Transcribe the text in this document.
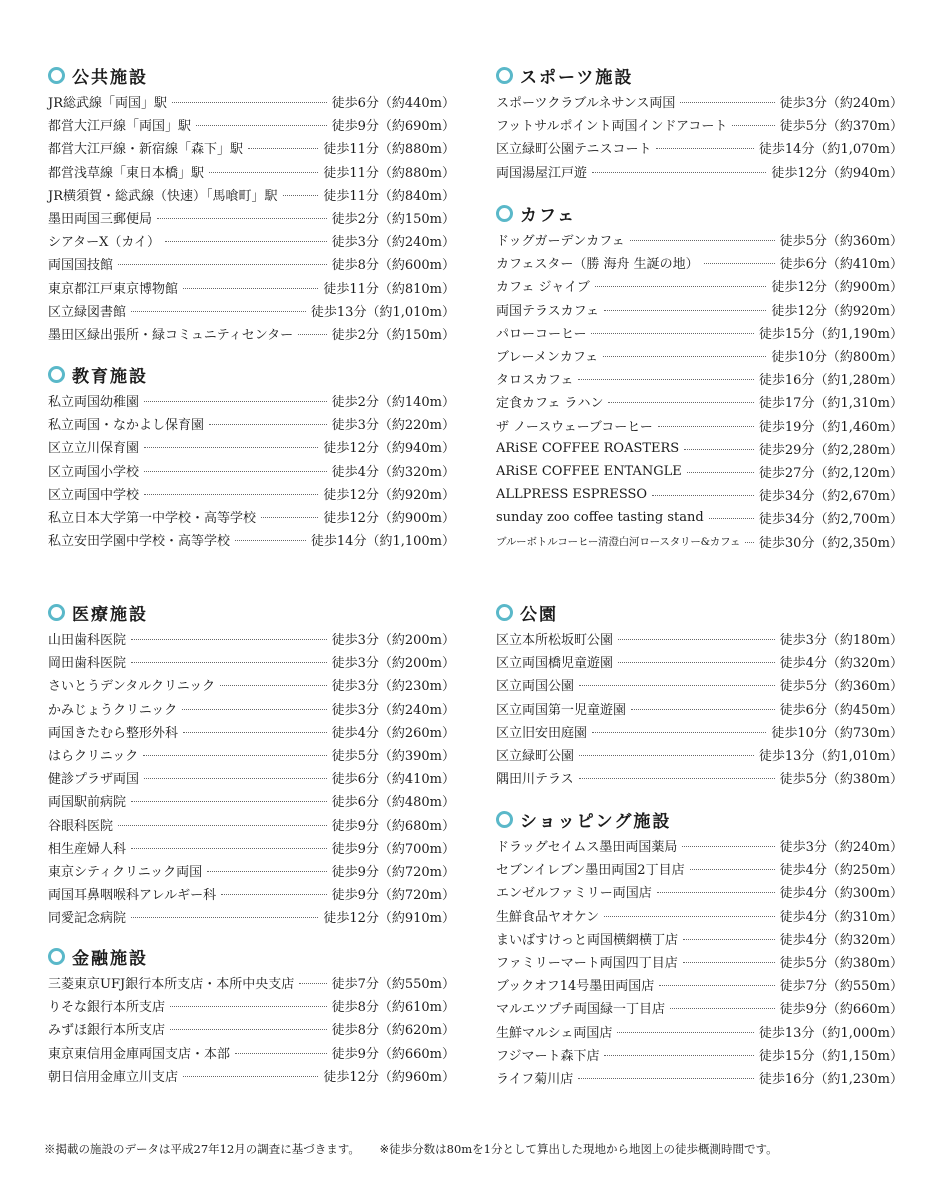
公共施設
JR総武線「両国」駅	徒歩6分（約440m）
都営大江戸線「両国」駅	徒歩9分（約690m）
都営大江戸線・新宿線「森下」駅	徒歩11分（約880m）
都営浅草線「東日本橋」駅	徒歩11分（約880m）
JR横須賀・総武線（快速）「馬喰町」駅	徒歩11分（約840m）
墨田両国三郵便局	徒歩2分（約150m）
シアターX（カイ）	徒歩3分（約240m）
両国国技館	徒歩8分（約600m）
東京都江戸東京博物館	徒歩11分（約810m）
区立緑図書館	徒歩13分（約1,010m）
墨田区緑出張所・緑コミュニティセンター	徒歩2分（約150m）
教育施設
私立両国幼稚園	徒歩2分（約140m）
私立両国・なかよし保育園	徒歩3分（約220m）
区立立川保育園	徒歩12分（約940m）
区立両国小学校	徒歩4分（約320m）
区立両国中学校	徒歩12分（約920m）
私立日本大学第一中学校・高等学校	徒歩12分（約900m）
私立安田学園中学校・高等学校	徒歩14分（約1,100m）
医療施設
山田歯科医院	徒歩3分（約200m）
岡田歯科医院	徒歩3分（約200m）
さいとうデンタルクリニック	徒歩3分（約230m）
かみじょうクリニック	徒歩3分（約240m）
両国きたむら整形外科	徒歩4分（約260m）
はらクリニック	徒歩5分（約390m）
健診プラザ両国	徒歩6分（約410m）
両国駅前病院	徒歩6分（約480m）
谷眼科医院	徒歩9分（約680m）
相生産婦人科	徒歩9分（約700m）
東京シティクリニック両国	徒歩9分（約720m）
両国耳鼻咽喉科アレルギー科	徒歩9分（約720m）
同愛記念病院	徒歩12分（約910m）
金融施設
三菱東京UFJ銀行本所支店・本所中央支店	徒歩7分（約550m）
りそな銀行本所支店	徒歩8分（約610m）
みずほ銀行本所支店	徒歩8分（約620m）
東京東信用金庫両国支店・本部	徒歩9分（約660m）
朝日信用金庫立川支店	徒歩12分（約960m）
スポーツ施設
スポーツクラブルネサンス両国	徒歩3分（約240m）
フットサルポイント両国インドアコート	徒歩5分（約370m）
区立緑町公園テニスコート	徒歩14分（約1,070m）
両国湯屋江戸遊	徒歩12分（約940m）
カフェ
ドッグガーデンカフェ	徒歩5分（約360m）
カフェスター（勝 海舟 生誕の地）	徒歩6分（約410m）
カフェ ジャイブ	徒歩12分（約900m）
両国テラスカフェ	徒歩12分（約920m）
パローコーヒー	徒歩15分（約1,190m）
ブレーメンカフェ	徒歩10分（約800m）
タロスカフェ	徒歩16分（約1,280m）
定食カフェ ラハン	徒歩17分（約1,310m）
ザ ノースウェーブコーヒー	徒歩19分（約1,460m）
ARiSE COFFEE ROASTERS	徒歩29分（約2,280m）
ARiSE COFFEE ENTANGLE	徒歩27分（約2,120m）
ALLPRESS ESPRESSO	徒歩34分（約2,670m）
sunday zoo coffee tasting stand	徒歩34分（約2,700m）
ブルーボトルコーヒー清澄白河ロースタリー&カフェ 徒歩30分（約2,350m）
公園
区立本所松坂町公園	徒歩3分（約180m）
区立両国橋児童遊園	徒歩4分（約320m）
区立両国公園	徒歩5分（約360m）
区立両国第一児童遊園	徒歩6分（約450m）
区立旧安田庭園	徒歩10分（約730m）
区立緑町公園	徒歩13分（約1,010m）
隅田川テラス	徒歩5分（約380m）
ショッピング施設
ドラッグセイムス墨田両国薬局	徒歩3分（約240m）
セブンイレブン墨田両国2丁目店	徒歩4分（約250m）
エンゼルファミリー両国店	徒歩4分（約300m）
生鮮食品ヤオケン	徒歩4分（約310m）
まいばすけっと両国横網横丁店	徒歩4分（約320m）
ファミリーマート両国四丁目店	徒歩5分（約380m）
ブックオフ14号墨田両国店	徒歩7分（約550m）
マルエツプチ両国緑一丁目店	徒歩9分（約660m）
生鮮マルシェ両国店	徒歩13分（約1,000m）
フジマート森下店	徒歩15分（約1,150m）
ライフ菊川店	徒歩16分（約1,230m）
※掲載の施設のデータは平成27年12月の調査に基づきます。 ※徒歩分数は80mを1分として算出した現地から地図上の徒歩概測時間です。
